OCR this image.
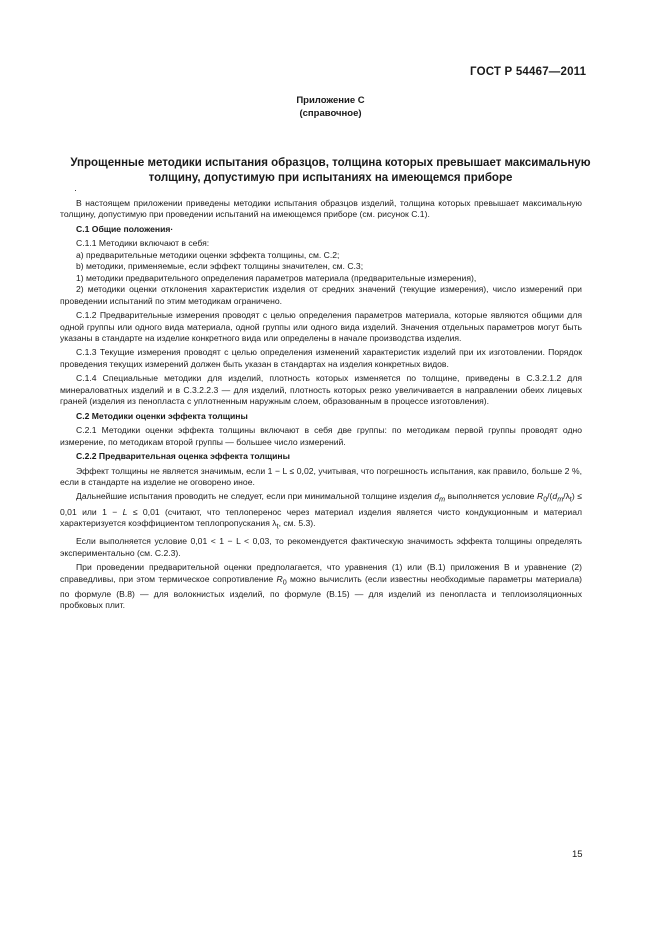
ГОСТ Р 54467—2011
Приложение С
(справочное)
Упрощенные методики испытания образцов, толщина которых превышает максимальную
толщину, допустимую при испытаниях на имеющемся приборе
·

В настоящем приложении приведены методики испытания образцов изделий, толщина которых превышает максимальную толщину, допустимую при проведении испытаний на имеющемся приборе (см. рисунок С.1).

С.1 Общие положения·

С.1.1 Методики включают в себя:

а) предварительные методики оценки эффекта толщины, см. С.2;

b) методики, применяемые, если эффект толщины значителен, см. С.3;

1) методики предварительного определения параметров материала (предварительные измерения),

2) методики оценки отклонения характеристик изделия от средних значений (текущие измерения), число измерений при проведении испытаний по этим методикам ограничено.

С.1.2 Предварительные измерения проводят с целью определения параметров материала, которые являются общими для одной группы или одного вида материала, одной группы или одного вида изделий. Значения отдельных параметров могут быть указаны в стандарте на изделие конкретного вида или определены в начале производства изделия.

С.1.3 Текущие измерения проводят с целью определения изменений характеристик изделий при их изготовлении. Порядок проведения текущих измерений должен быть указан в стандартах на изделия конкретных видов.

С.1.4 Специальные методики для изделий, плотность которых изменяется по толщине, приведены в С.3.2.1.2 для минераловатных изделий и в С.3.2.2.3 — для изделий, плотность которых резко увеличивается в направлении обеих лицевых граней (изделия из пенопласта с уплотненным наружным слоем, образованным в процессе изготовления).

С.2 Методики оценки эффекта толщины

С.2.1 Методики оценки эффекта толщины включают в себя две группы: по методикам первой группы проводят одно измерение, по методикам второй группы — большее число измерений.

С.2.2 Предварительная оценка эффекта толщины

Эффект толщины не является значимым, если 1 − L ≤ 0,02, учитывая, что погрешность испытания, как правило, больше 2 %, если в стандарте на изделие не оговорено иное.

Дальнейшие испытания проводить не следует, если при минимальной толщине изделия $d_m$ выполняется условие $R_0/(d_m/\lambda_t) \le 0,01$ или 1 − L ≤ 0,01 (считают, что теплоперенос через материал изделия является чисто кондукционным и материал характеризуется коэффициентом теплопропускания $\lambda_t$, см. 5.3).

Если выполняется условие 0,01 < 1 − L < 0,03, то рекомендуется фактическую значимость эффекта толщины определять экспериментально (см. С.2.3).

При проведении предварительной оценки предполагается, что уравнения (1) или (В.1) приложения В и уравнение (2) справедливы, при этом термическое сопротивление $R_0$ можно вычислить (если известны необходимые параметры материала) по формуле (В.8) — для волокнистых изделий, по формуле (В.15) — для изделий из пенопласта и теплоизоляционных пробковых плит.

15
